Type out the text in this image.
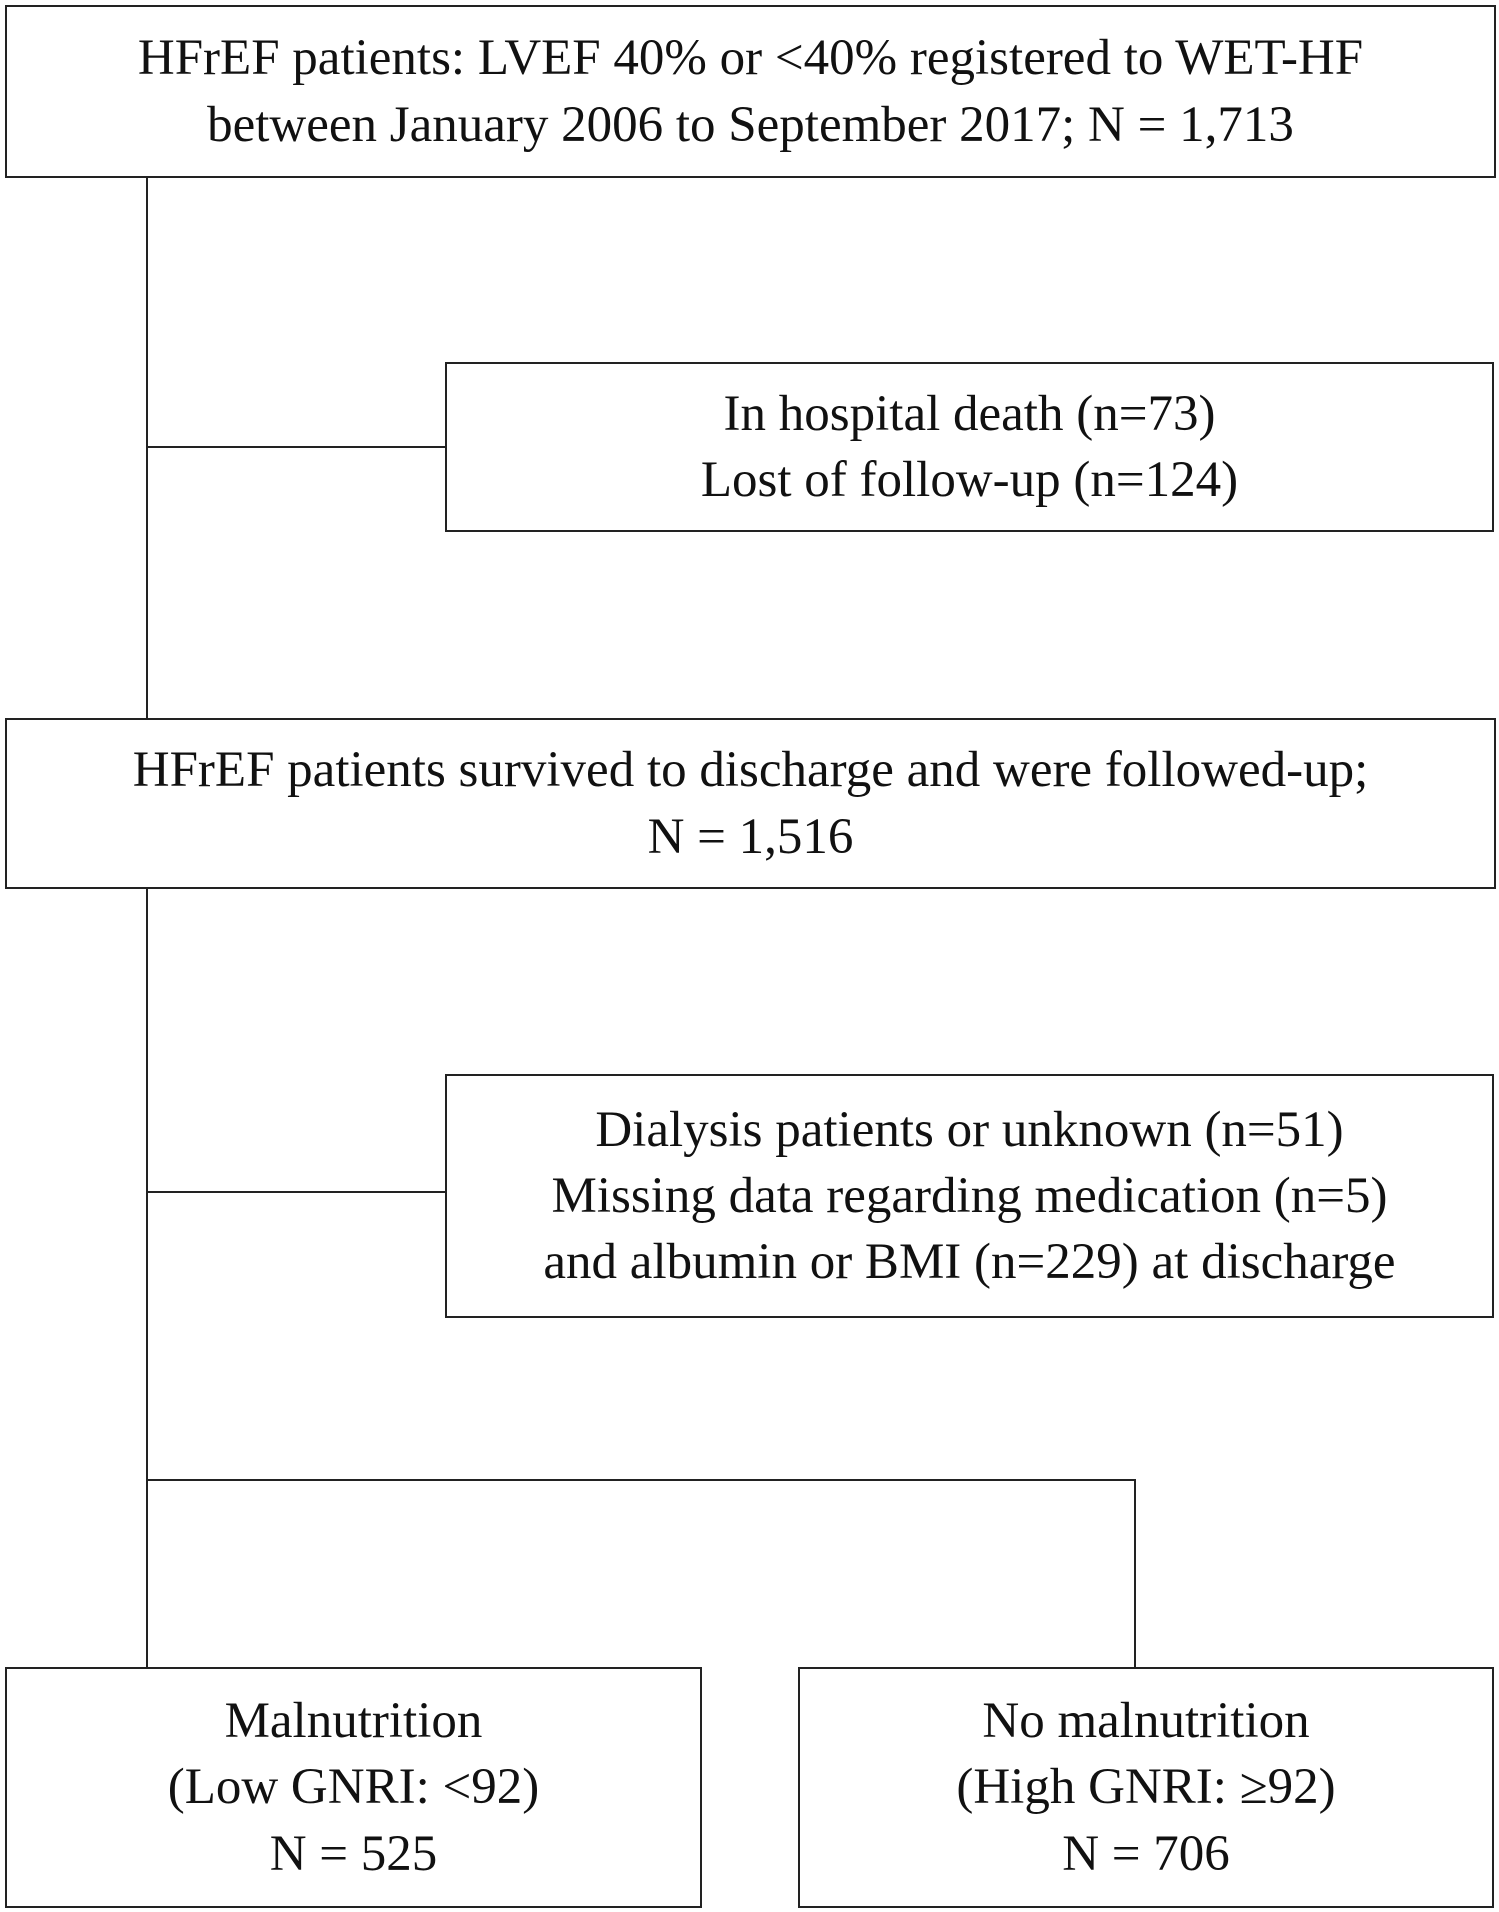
HFrEF patients: LVEF 40% or <40% registered to WET-HF
between January 2006 to September 2017; N = 1,713
In hospital death (n=73)
Lost of follow-up (n=124)
HFrEF patients survived to discharge and were followed-up;
N = 1,516
Dialysis patients or unknown (n=51)
Missing data regarding medication (n=5)
and albumin or BMI (n=229) at discharge
Malnutrition
(Low GNRI: <92)
N = 525
No malnutrition
(High GNRI: ≥92)
N = 706
